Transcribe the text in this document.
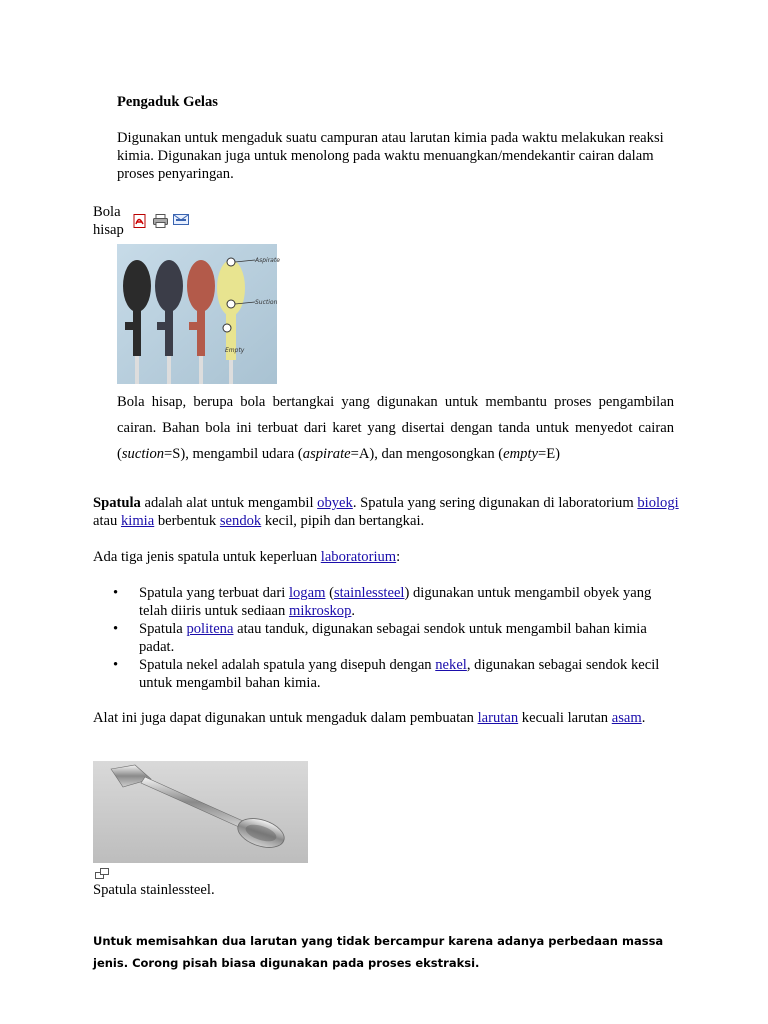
Pengaduk Gelas
Digunakan untuk mengaduk suatu campuran atau larutan kimia pada waktu melakukan reaksi kimia. Digunakan juga untuk menolong pada waktu menuangkan/mendekantir cairan dalam proses penyaringan.
Bola
hisap
Aspirate
Suction
Empty
Bola hisap, berupa bola bertangkai yang digunakan untuk membantu proses pengambilan cairan. Bahan bola ini terbuat dari karet yang disertai dengan tanda untuk menyedot cairan (suction=S), mengambil udara (aspirate=A), dan mengosongkan (empty=E)
Spatula adalah alat untuk mengambil obyek. Spatula yang sering digunakan di laboratorium biologi atau kimia berbentuk sendok kecil, pipih dan bertangkai.
Ada tiga jenis spatula untuk keperluan laboratorium:
• Spatula yang terbuat dari logam (stainlessteel) digunakan untuk mengambil obyek yang telah diiris untuk sediaan mikroskop.
• Spatula politena atau tanduk, digunakan sebagai sendok untuk mengambil bahan kimia padat.
• Spatula nekel adalah spatula yang disepuh dengan nekel, digunakan sebagai sendok kecil untuk mengambil bahan kimia.
Alat ini juga dapat digunakan untuk mengaduk dalam pembuatan larutan kecuali larutan asam.
Spatula stainlessteel.
Untuk memisahkan dua larutan yang tidak bercampur karena adanya perbedaan massa jenis. Corong pisah biasa digunakan pada proses ekstraksi.
